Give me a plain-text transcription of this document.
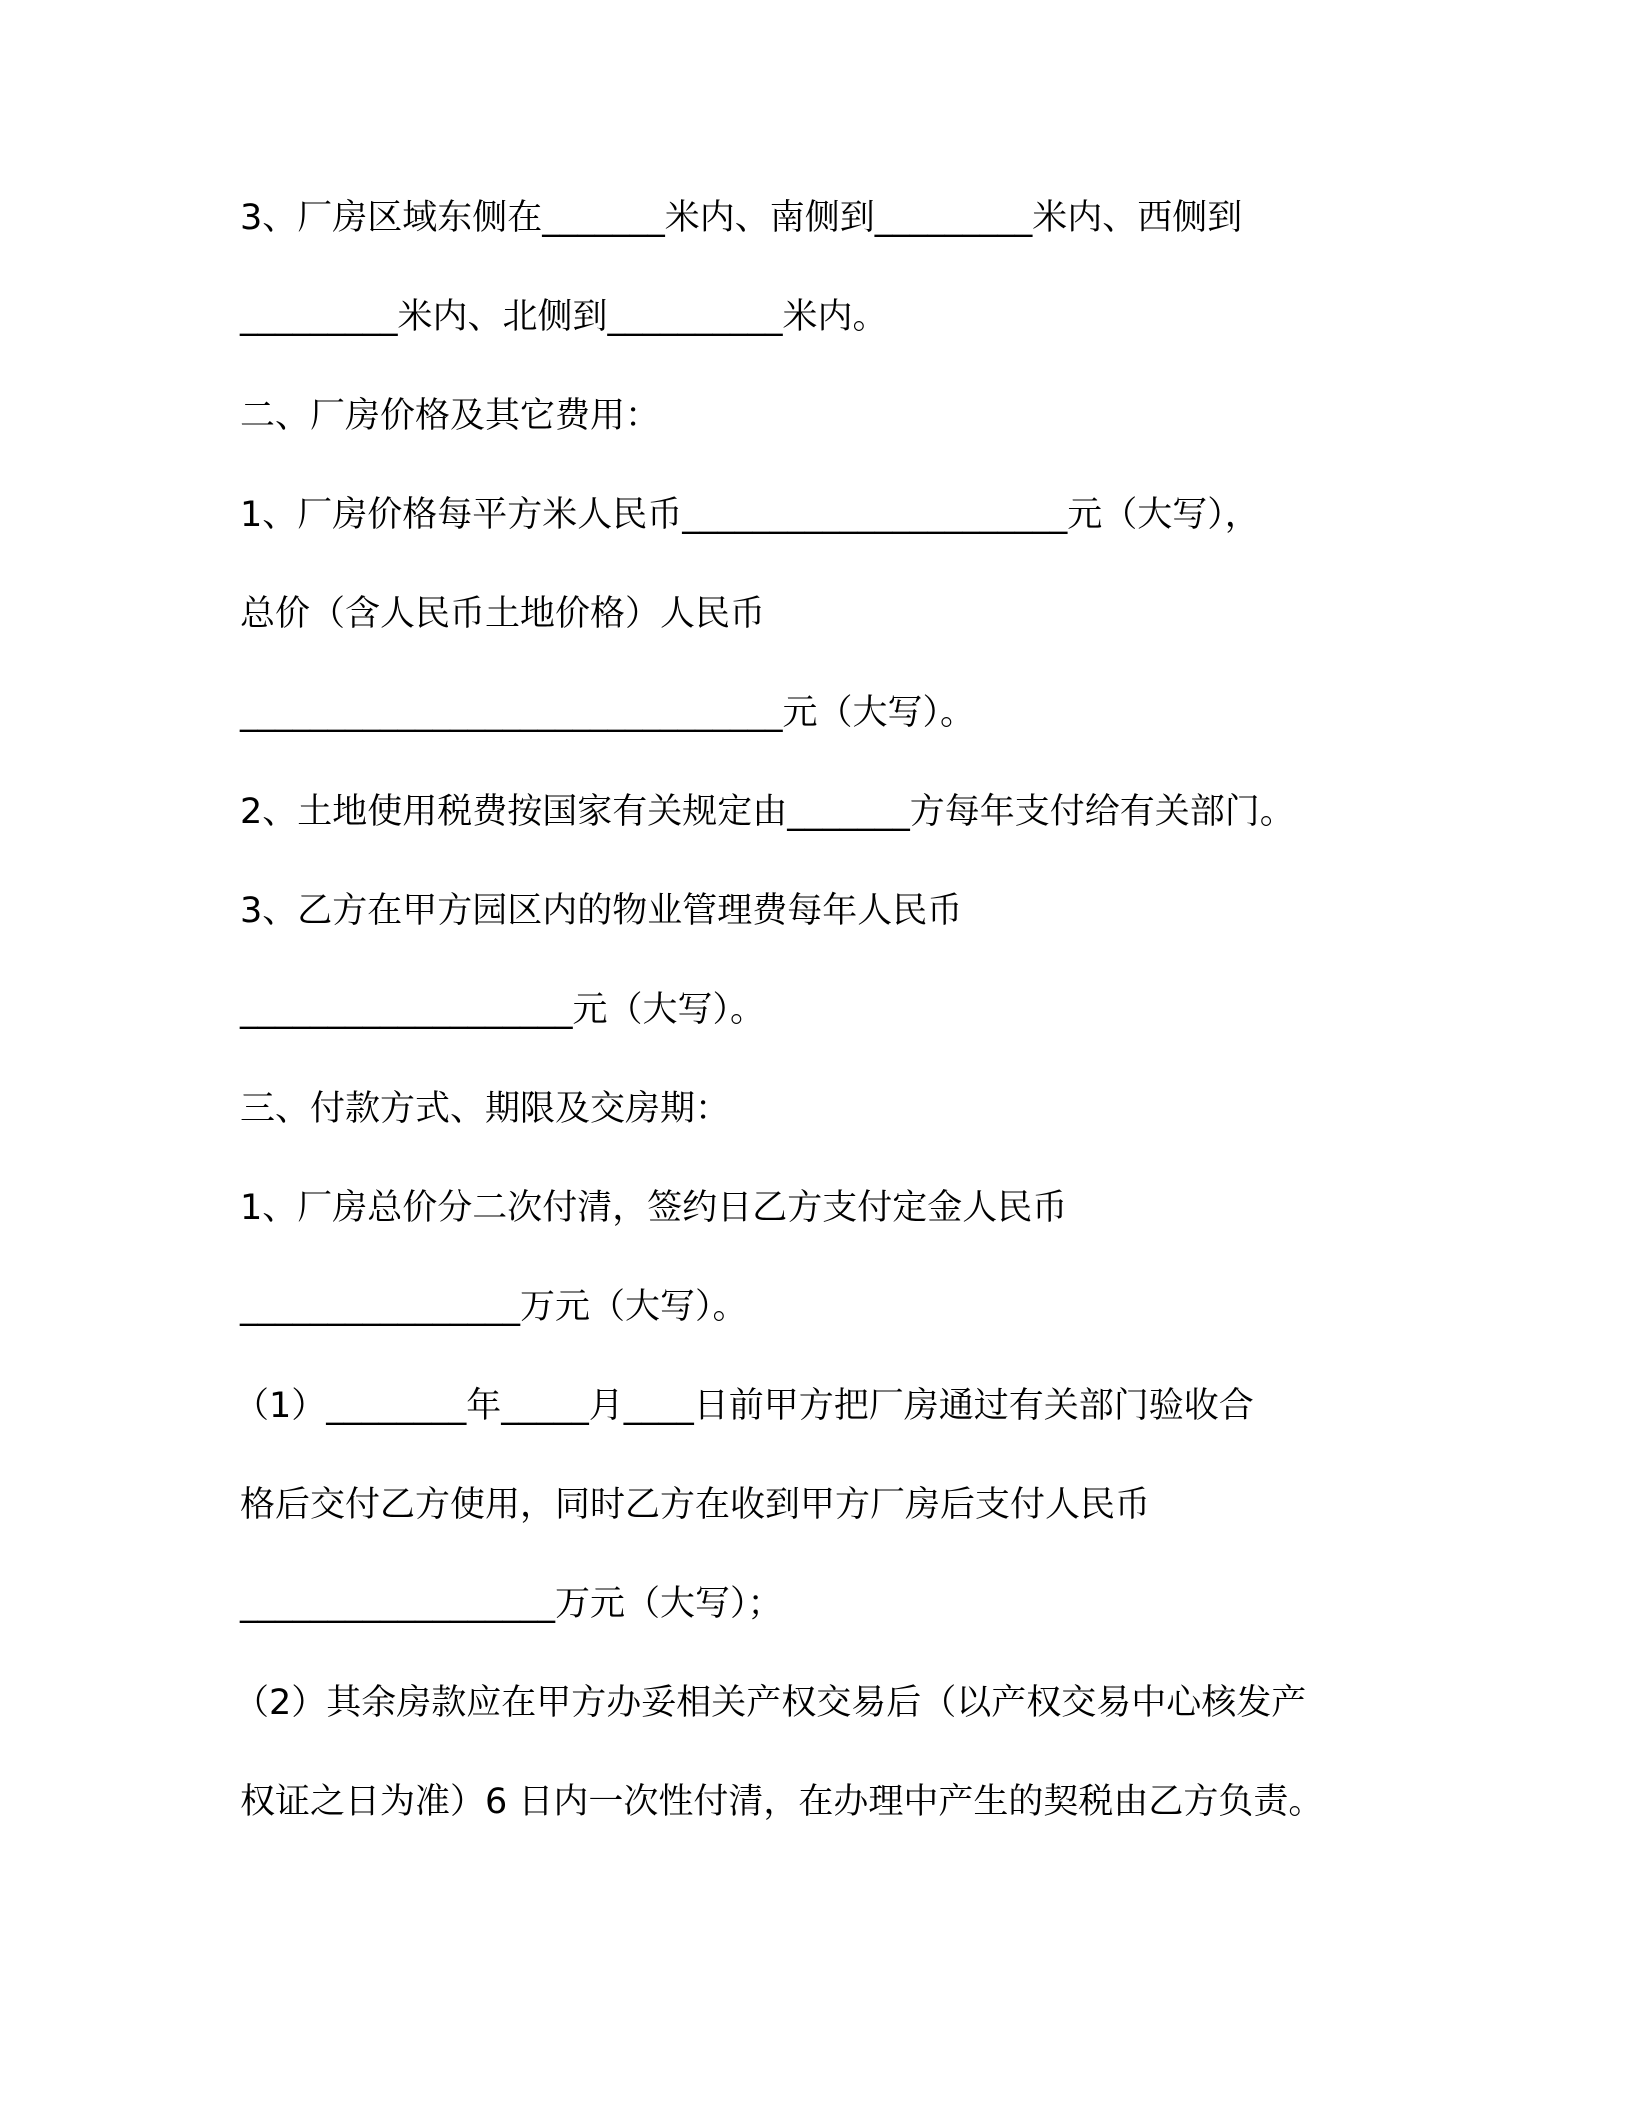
3、厂房区域东侧在_______米内、南侧到_________米内、西侧到
_________米内、北侧到__________米内。
二、厂房价格及其它费用：
1、厂房价格每平方米人民币______________________元（大写），
总价（含人民币土地价格）人民币
_______________________________元（大写）。
2、土地使用税费按国家有关规定由_______方每年支付给有关部门。
3、乙方在甲方园区内的物业管理费每年人民币
___________________元（大写）。
三、付款方式、期限及交房期：
1、厂房总价分二次付清，签约日乙方支付定金人民币
________________万元（大写）。
（1）________年_____月____日前甲方把厂房通过有关部门验收合
格后交付乙方使用，同时乙方在收到甲方厂房后支付人民币
__________________万元（大写）；
（2）其余房款应在甲方办妥相关产权交易后（以产权交易中心核发产
权证之日为准）6 日内一次性付清，在办理中产生的契税由乙方负责。
